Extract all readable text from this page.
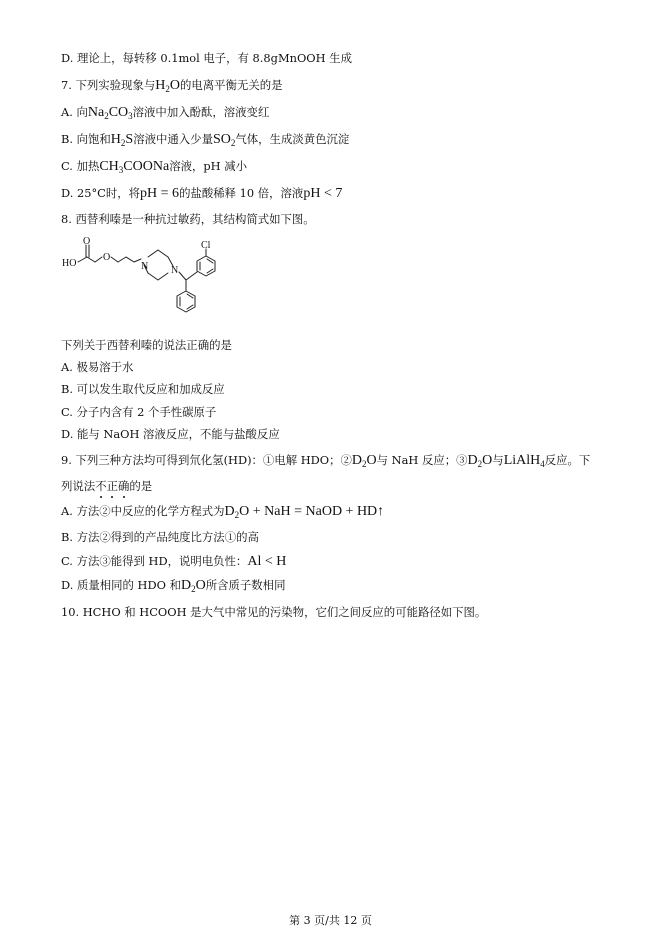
D. 理论上，每转移 0.1mol 电子，有 8.8gMnOOH 生成
7. 下列实验现象与$H_2O$的电离平衡无关的是
A. 向$Na_2CO_3$溶液中加入酚酞，溶液变红
B. 向饱和$H_2S$溶液中通入少量$SO_2$气体，生成淡黄色沉淀
C. 加热$CH_3COONa$溶液，pH 减小
D. 25°C时，将pH = 6的盐酸稀释 10 倍，溶液pH < 7
8. 西替利嗪是一种抗过敏药，其结构简式如下图。
O
HO
O
N N
Cl
下列关于西替利嗪的说法正确的是
A. 极易溶于水
B. 可以发生取代反应和加成反应
C. 分子内含有 2 个手性碳原子
D. 能与 NaOH 溶液反应，不能与盐酸反应
9. 下列三种方法均可得到氘化氢(HD)：①电解 HDO；$②D_2O$与 NaH 反应；$③D_2O$与LiAlH$_4$反应。下
列说法不正确的是
A. 方法②中反应的化学方程式为$D_2O$ + NaH = NaOD + HD↑
B. 方法②得到的产品纯度比方法①的高
C. 方法③能得到 HD，说明电负性：Al < H
D. 质量相同的 HDO 和$D_2O$所含质子数相同
10. HCHO 和 HCOOH 是大气中常见的污染物，它们之间反应的可能路径如下图。
第 3 页/共 12 页
